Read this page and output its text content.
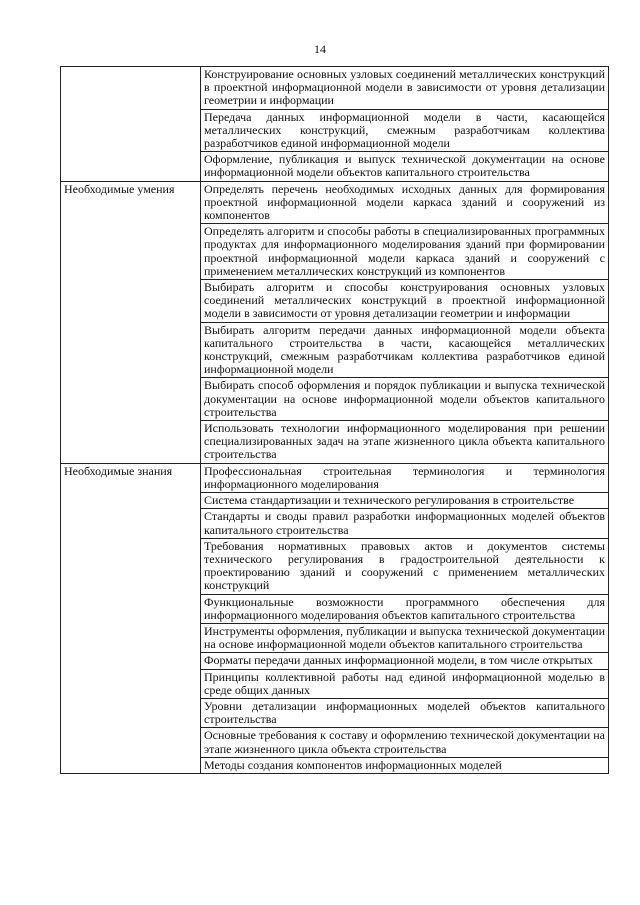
14
	Конструирование основных узловых соединений металлических конструкций в проектной информационной модели в зависимости от уровня детализации геометрии и информации
	Передача данных информационной модели в части, касающейся металлических конструкций, смежным разработчикам коллектива разработчиков единой информационной модели
	Оформление, публикация и выпуск технической документации на основе информационной модели объектов капитального строительства
Необходимые умения	Определять перечень необходимых исходных данных для формирования проектной информационной модели каркаса зданий и сооружений из компонентов
	Определять алгоритм и способы работы в специализированных программных продуктах для информационного моделирования зданий при формировании проектной информационной модели каркаса зданий и сооружений с применением металлических конструкций из компонентов
	Выбирать алгоритм и способы конструирования основных узловых соединений металлических конструкций в проектной информационной модели в зависимости от уровня детализации геометрии и информации
	Выбирать алгоритм передачи данных информационной модели объекта капитального строительства в части, касающейся металлических конструкций, смежным разработчикам коллектива разработчиков единой информационной модели
	Выбирать способ оформления и порядок публикации и выпуска технической документации на основе информационной модели объектов капитального строительства
	Использовать технологии информационного моделирования при решении специализированных задач на этапе жизненного цикла объекта капитального строительства
Необходимые знания	Профессиональная строительная терминология и терминология информационного моделирования
	Система стандартизации и технического регулирования в строительстве
	Стандарты и своды правил разработки информационных моделей объектов капитального строительства
	Требования нормативных правовых актов и документов системы технического регулирования в градостроительной деятельности к проектированию зданий и сооружений с применением металлических конструкций
	Функциональные возможности программного обеспечения для информационного моделирования объектов капитального строительства
	Инструменты оформления, публикации и выпуска технической документации на основе информационной модели объектов капитального строительства
	Форматы передачи данных информационной модели, в том числе открытых
	Принципы коллективной работы над единой информационной моделью в среде общих данных
	Уровни детализации информационных моделей объектов капитального строительства
	Основные требования к составу и оформлению технической документации на этапе жизненного цикла объекта строительства
	Методы создания компонентов информационных моделей
